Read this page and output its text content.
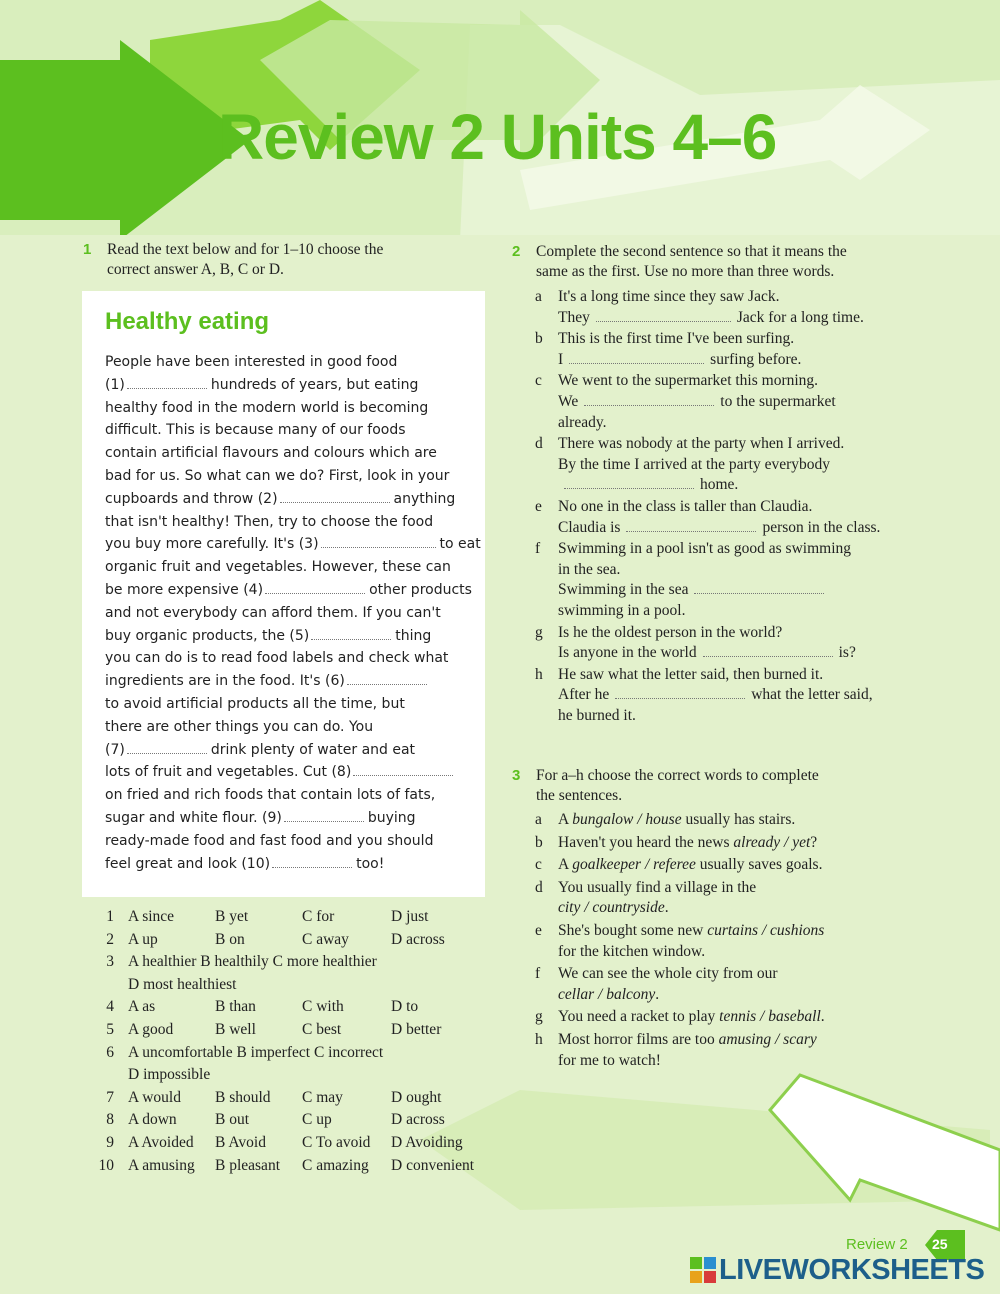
Review 2 Units 4–6
1 Read the text below and for 1–10 choose the
correct answer A, B, C or D.
Healthy eating
People have been interested in good food
(1)	hundreds of years, but eating
healthy food in the modern world is becoming
difficult. This is because many of our foods
contain artificial flavours and colours which are
bad for us. So what can we do? First, look in your
cupboards and throw (2)	anything
that isn't healthy! Then, try to choose the food
you buy more carefully. It's (3)	to eat
organic fruit and vegetables. However, these can
be more expensive (4)	other products
and not everybody can afford them. If you can't
buy organic products, the (5)	thing
you can do is to read food labels and check what
ingredients are in the food. It's (6)
to avoid artificial products all the time, but
there are other things you can do. You
(7)	drink plenty of water and eat
lots of fruit and vegetables. Cut (8)
on fried and rich foods that contain lots of fats,
sugar and white flour. (9)	buying
ready-made food and fast food and you should
feel great and look (10)	too!
1 A since	B yet	C for	D just
2 A up	B on	C away	D across
3 A healthier B healthily C more healthier
D most healthiest
4 A as	B than	C with	D to
5 A good	B well	C best	D better
6 A uncomfortable B imperfect C incorrect
D impossible
7 A would B should C may	D ought
8 A down B out	C up	D across
9 A Avoided B Avoid C To avoid D Avoiding
10 A amusing B pleasant C amazing D convenient
2 Complete the second sentence so that it means the
same as the first. Use no more than three words.
a It's a long time since they saw Jack.
They	Jack for a long time.
b This is the first time I've been surfing.
I	surfing before.
c We went to the supermarket this morning.
We	to the supermarket
already.
d There was nobody at the party when I arrived.
By the time I arrived at the party everybody
home.
e No one in the class is taller than Claudia.
Claudia is	person in the class.
f Swimming in a pool isn't as good as swimming
in the sea.
Swimming in the sea
swimming in a pool.
g Is he the oldest person in the world?
Is anyone in the world	is?
h He saw what the letter said, then burned it.
After he	what the letter said,
he burned it.
3 For a–h choose the correct words to complete
the sentences.
a A bungalow / house usually has stairs.
b Haven't you heard the news already / yet?
c A goalkeeper / referee usually saves goals.
d You usually find a village in the
city / countryside.
e She's bought some new curtains / cushions
for the kitchen window.
f We can see the whole city from our
cellar / balcony.
g You need a racket to play tennis / baseball.
h Most horror films are too amusing / scary
for me to watch!
Review 2 25
LIVEWORKSHEETS
